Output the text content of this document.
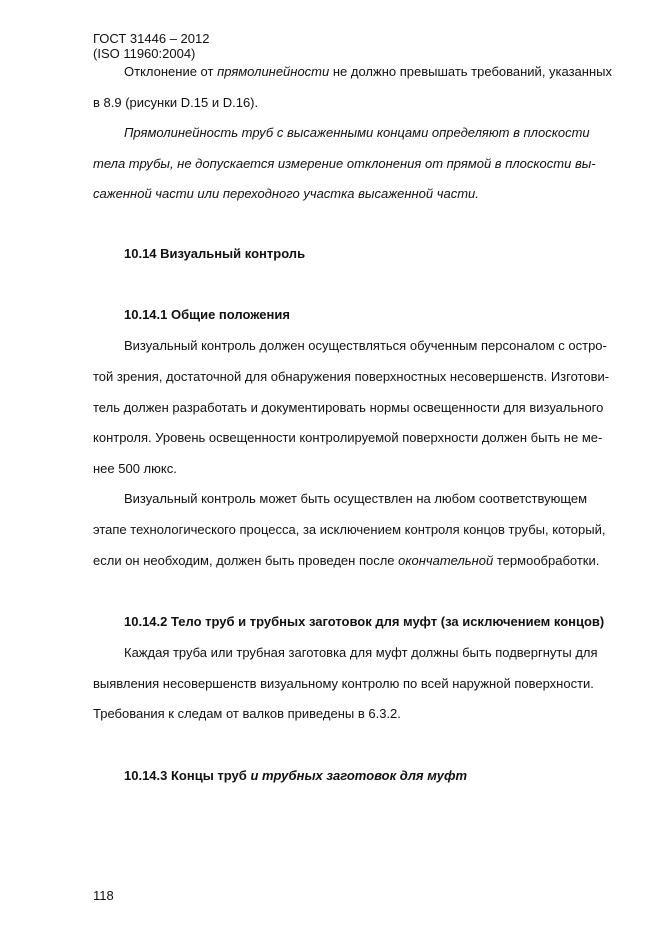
ГОСТ 31446 – 2012
(ISO 11960:2004)
Отклонение от прямолинейности не должно превышать требований, указанных
в 8.9 (рисунки D.15 и D.16).
Прямолинейность труб с высаженными концами определяют в плоскости
тела трубы, не допускается измерение отклонения от прямой в плоскости вы-
саженной части или переходного участка высаженной части.
10.14 Визуальный контроль
10.14.1 Общие положения
Визуальный контроль должен осуществляться обученным персоналом с остро-
той зрения, достаточной для обнаружения поверхностных несовершенств. Изготови-
тель должен разработать и документировать нормы освещенности для визуального
контроля. Уровень освещенности контролируемой поверхности должен быть не ме-
нее 500 люкс.
Визуальный контроль может быть осуществлен на любом соответствующем
этапе технологического процесса, за исключением контроля концов трубы, который,
если он необходим, должен быть проведен после окончательной термообработки.
10.14.2 Тело труб и трубных заготовок для муфт (за исключением концов)
Каждая труба или трубная заготовка для муфт должны быть подвергнуты для
выявления несовершенств визуальному контролю по всей наружной поверхности.
Требования к следам от валков приведены в 6.3.2.
10.14.3 Концы труб и трубных заготовок для муфт
118
